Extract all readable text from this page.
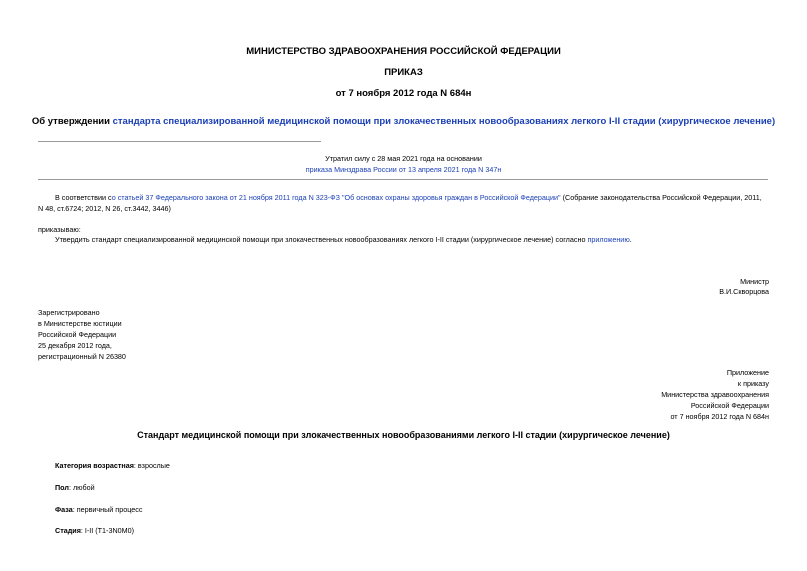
МИНИСТЕРСТВО ЗДРАВООХРАНЕНИЯ РОССИЙСКОЙ ФЕДЕРАЦИИ
ПРИКАЗ
от 7 ноября 2012 года N 684н
Об утверждении стандарта специализированной медицинской помощи при злокачественных новообразованиях легкого I-II стадии (хирургическое лечение)
Утратил силу с 28 мая 2021 года на основании
приказа Минздрава России от 13 апреля 2021 года N 347н
В соответствии со статьей 37 Федерального закона от 21 ноября 2011 года N 323-ФЗ "Об основах охраны здоровья граждан в Российской Федерации" (Собрание законодательства Российской Федерации, 2011,
N 48, ст.6724; 2012, N 26, ст.3442, 3446)
приказываю:
Утвердить стандарт специализированной медицинской помощи при злокачественных новообразованиях легкого I-II стадии (хирургическое лечение) согласно приложению.
Министр
В.И.Скворцова
Зарегистрировано
в Министерстве юстиции
Российской Федерации
25 декабря 2012 года,
регистрационный N 26380
Приложение
к приказу
Министерства здравоохранения
Российской Федерации
от 7 ноября 2012 года N 684н
Стандарт медицинской помощи при злокачественных новообразованиями легкого I-II стадии (хирургическое лечение)
Категория возрастная: взрослые
Пол: любой
Фаза: первичный процесс
Стадия: I-II (T1-3N0M0)
